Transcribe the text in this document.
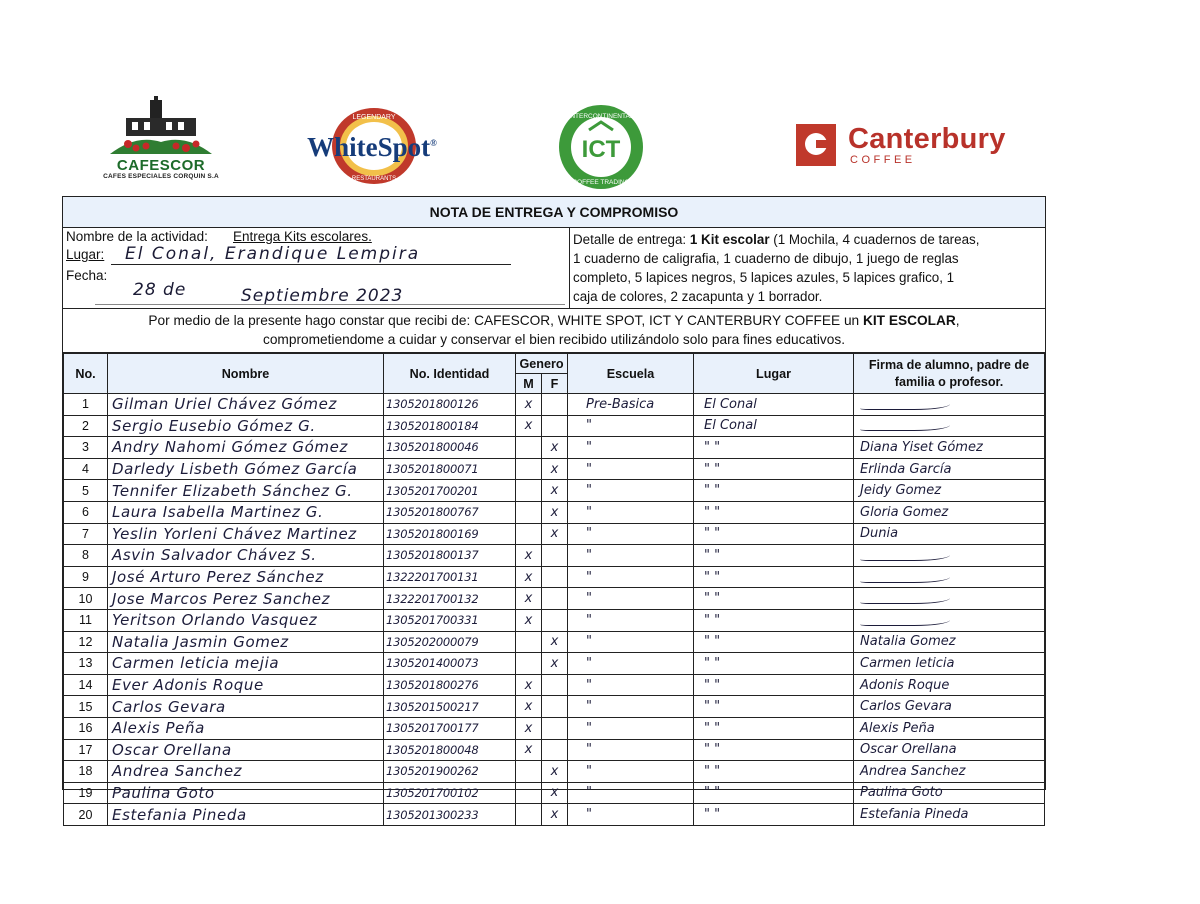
CAFESCOR
CAFES ESPECIALES CORQUIN S.A
LEGENDARY
RESTAURANTS
WhiteSpot®
INTERCONTINENTAL
COFFEE TRADING
ICT	Canterbury
COFFEE
NOTA DE ENTREGA Y COMPROMISO
Nombre de la actividad: Entrega Kits escolares.
Lugar: El Conal, Erandique Lempira
Fecha:
28 de	Septiembre 2023
Detalle de entrega: 1 Kit escolar (1 Mochila, 4 cuadernos de tareas,
1 cuaderno de caligrafia, 1 cuaderno de dibujo, 1 juego de reglas
completo, 5 lapices negros, 5 lapices azules, 5 lapices grafico, 1
caja de colores, 2 zacapunta y 1 borrador.
Por medio de la presente hago constar que recibi de: CAFESCOR, WHITE SPOT, ICT Y CANTERBURY COFFEE un KIT ESCOLAR,
comprometiendome a cuidar y conservar el bien recibido utilizándolo solo para fines educativos.
No.	Nombre	No. Identidad	Genero		Escuela	Lugar	Firma de alumno, padre de familia o profesor.
			M	F			
1	Gilman Uriel Chávez Gómez	1305201800126	x		Pre-Basica	El Conal	
2	Sergio Eusebio Gómez G.	1305201800184	x		"	El Conal	
3	Andry Nahomi Gómez Gómez	1305201800046		x	"	" "	Diana Yiset Gómez
4	Darledy Lisbeth Gómez García	1305201800071		x	"	" "	Erlinda García
5	Tennifer Elizabeth Sánchez G.	1305201700201		x	"	" "	Jeidy Gomez
6	Laura Isabella Martinez G.	1305201800767		x	"	" "	Gloria Gomez
7	Yeslin Yorleni Chávez Martinez	1305201800169		x	"	" "	Dunia
8	Asvin Salvador Chávez S.	1305201800137	x		"	" "	
9	José Arturo Perez Sánchez	1322201700131	x		"	" "	
10	Jose Marcos Perez Sanchez	1322201700132	x		"	" "	
11	Yeritson Orlando Vasquez	1305201700331	x		"	" "	
12	Natalia Jasmin Gomez	1305202000079		x	"	" "	Natalia Gomez
13	Carmen leticia mejia	1305201400073		x	"	" "	Carmen leticia
14	Ever Adonis Roque	1305201800276	x		"	" "	Adonis Roque
15	Carlos Gevara	1305201500217	x		"	" "	Carlos Gevara
16	Alexis Peña	1305201700177	x		"	" "	Alexis Peña
17	Oscar Orellana	1305201800048	x		"	" "	Oscar Orellana
18	Andrea Sanchez	1305201900262		x	"	" "	Andrea Sanchez
19	Paulina Goto	1305201700102		x	"	" "	Paulina Goto
20	Estefania Pineda	1305201300233		x	"	" "	Estefania Pineda
